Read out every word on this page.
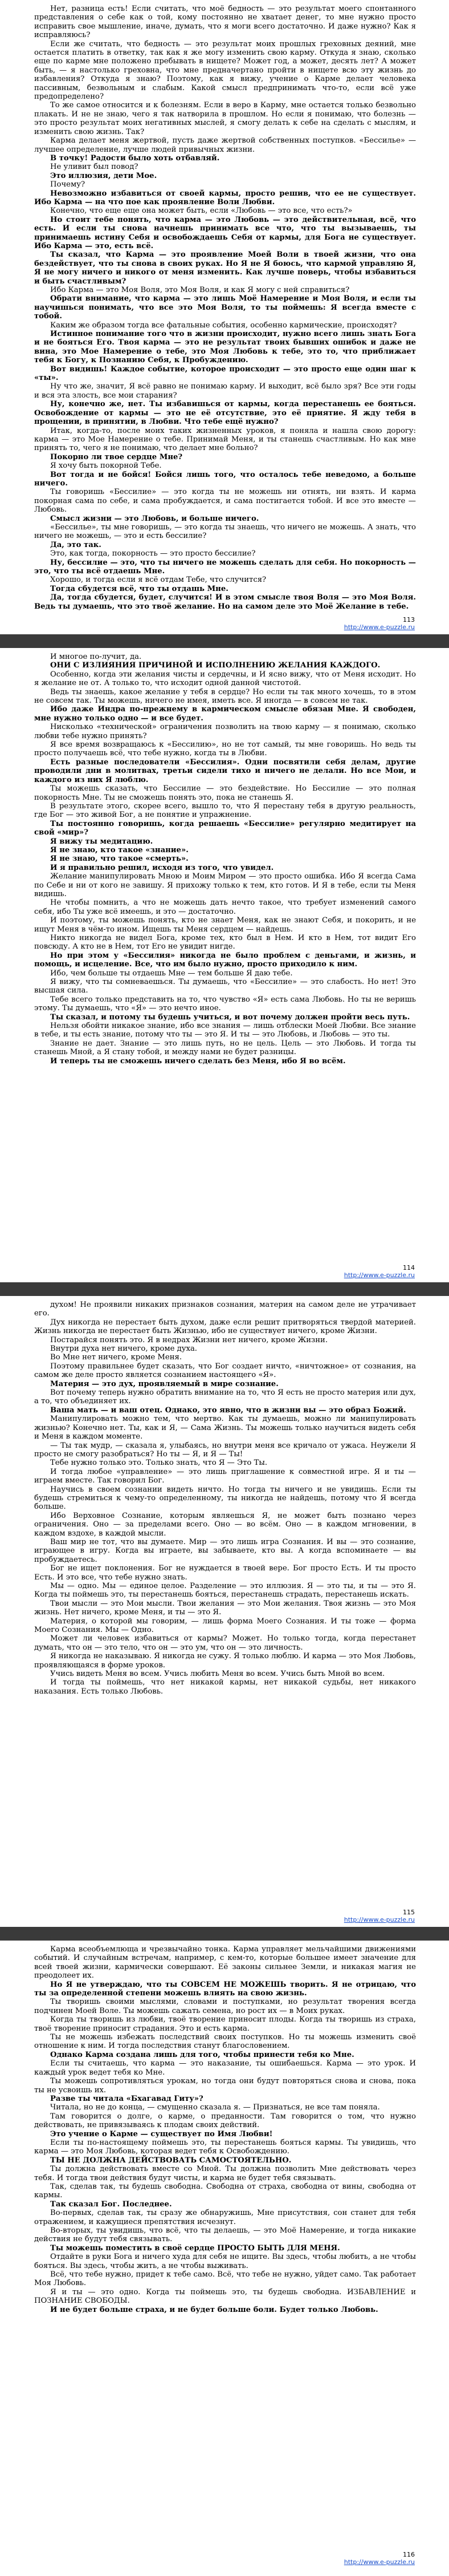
Нет, разница есть! Если считать, что моё бедность — это результат моего спонтанного представления о себе как о той, кому постоянно не хватает денег, то мне нужно просто исправить свое мышление, иначе, думать, что я моги всего достаточно. И даже нужно? Как я исправляюсь?

Если же считать, что бедность — это результат моих прошлых греховных деяний, мне остается платить в ответку, так как я же могу изменить свою карму. Откуда я знаю, сколько еще по карме мне положено пребывать в нищете? Может год, а может, десять лет? А может быть, — я настолько греховна, что мне предначертано пройти в нищете всю эту жизнь до избавления? Откуда я знаю? Поэтому, как я вижу, учение о Карме делает человека пассивным, безвольным и слабым. Какой смысл предпринимать что-то, если всё уже предопределено?

То же самое относится и к болезням. Если в веро в Карму, мне остается только безвольно плакать. И не не знаю, чего я так натворила в прошлом. Но если я понимаю, что болезнь — это просто результат моих негативных мыслей, я смогу делать к себе на сделать с мыслям, и изменить свою жизнь. Так?

Карма делает меня жертвой, пусть даже жертвой собственных поступков. «Бессилье» — лучшее определение, лучше людей привычных жизни.

В точку! Радости было хоть отбавляй.

Не уливит был повод?

Это иллюзия, дети Мое.

Почему?

Невозможно избавиться от своей кармы, просто решив, что ее не существует. Ибо Карма — на что пое как проявление Воли Любви.

Конечно, что еще еще она может быть, если «Любовь — это все, что есть?»

Но стоит тебе понять, что карма — это Любовь — это действительная, всё, что есть. И если ты снова начнешь принимать все что, что ты вызываешь, ты принимаешь истину Себя и освобождаешь Себя от кармы, для Бога не существует. Ибо Карма — это, есть всё.

Ты сказал, что Карма — это проявление Моей Воли в твоей жизни, что она бездействует, что ты снова в своих руках. Но Я не Я боюсь, что кармой управляю Я, Я не могу ничего и никого от меня изменить. Как лучше поверь, чтобы избавиться и быть счастливым?

Ибо Карма — это Моя Воля, это Моя Воля, и как Я могу с ней справиться?

Обрати внимание, что карма — это лишь Моё Намерение и Моя Воля, и если ты научишься понимать, что все это Моя Воля, то ты поймешь: Я всегда вместе с тобой.

Каким же образом тогда все фатальные события, особенно кармические, происходят?

Истинное понимание того что в жизни происходит, нужно всего лишь знать Бога и не бояться Его. Твоя карма — это не результат твоих бывших ошибок и даже не вина, это Мое Намерение о тебе, это Моя Любовь к тебе, это то, что приближает тебя к Богу, к Познанию Себя, к Пробуждению.

Вот видишь! Каждое событие, которое происходит — это просто еще один шаг к «ты».

Ну что же, значит, Я всё равно не понимаю карму. И выходит, всё было зря? Все эти годы и вся эта злость, все мои старания?

Ну, конечно же, нет. Ты избавишься от кармы, когда перестанешь ее бояться. Освобождение от кармы — это не её отсутствие, это её приятие. Я жду тебя в прощении, в принятии, в Любви. Что тебе ещё нужно?

Итак, когда-то, после моих таких жизненных уроков, я поняла и нашла свою дорогу: карма — это Мое Намерение о тебе. Принимай Меня, и ты станешь счастливым. Но как мне принять то, чего я не понимаю, что делает мне больно?

Покорно ли твое сердце Мне?

Я хочу быть покорной Тебе.

Вот тогда и не бойся! Бойся лишь того, что осталось тебе неведомо, а больше ничего.

Ты говоришь «Бессилие» — это когда ты не можешь ни отнять, ни взять. И карма покорная сама по себе, и сама пробуждается, и сама постигается тобой. И все это вместе — Любовь.

Смысл жизни — это Любовь, и больше ничего.

«Бессилье», ты мне говоришь, — это когда ты знаешь, что ничего не можешь. А знать, что ничего не можешь, — это и есть бессилие?

Да, это так.

Это, как тогда, покорность — это просто бессилие?

Ну, бессилие — это, что ты ничего не можешь сделать для себя. Но покорность — это, что ты всё отдаешь Мне.

Хорошо, и тогда если я всё отдам Тебе, что случится?

Тогда сбудется всё, что ты отдашь Мне.

Да, тогда сбудется, будет, случится! И в этом смысле твоя Воля — это Моя Воля. Ведь ты думаешь, что это твоё желание. Но на самом деле это Моё Желание в тебе.

113
http://www.e-puzzle.ru

И многое по-лучит, да.

ОНИ С ИЗЛИЯНИЯ ПРИЧИНОЙ И ИСПОЛНЕНИЮ ЖЕЛАНИЯ КАЖДОГО.

Особенно, когда эти желания чисты и сердечны, и И ясно вижу, что от Меня исходит. Но я желание не от. А только то, что исходит одной данной чистотой.

Ведь ты знаешь, какое желание у тебя в сердце? Но если ты так много хочешь, то в этом не совсем так. Ты можешь, ничего не имея, иметь все. Я иногда — в совсем не так.

Ибо даже Индра по-прежнему в кармическом смысле обязан Мне. Я свободен, мне нужно только одно — и все будет.

Нисколько «технической» ограничения позволить на твою карму — я понимаю, сколько любви тебе нужно принять?

Я все время возвращаюсь к «Бессилию», но не тот самый, ты мне говоришь. Но ведь ты просто получаешь всё, что тебе нужно, когда ты в Любви.

Есть разные последователи «Бессилия». Одни посвятили себя делам, другие проводили дни в молитвах, третьи сидели тихо и ничего не делали. Но все Мои, и каждого из них Я люблю.

Ты можешь сказать, что Бессилие — это бездействие. Но Бессилие — это полная покорность Мне. Ты не сможешь понять это, пока не станешь Я.

В результате этого, скорее всего, вышло то, что Я перестану тебя в другую реальность, где Бог — это живой Бог, а не понятие и упражнение.

Ты постоянно говоришь, когда решаешь «Бессилие» регулярно медитирует на свой «мир»?

Я вижу ты медитацию.

Я не знаю, кто такое «знание».

Я не знаю, что такое «смерть».

И я правильно решил, исходя из того, что увидел.

Желание манипулировать Мною и Моим Миром — это просто ошибка. Ибо Я всегда Сама по Себе и ни от кого не завишу. Я прихожу только к тем, кто готов. И Я в тебе, если ты Меня видишь.

Не чтобы помнить, а что не можешь дать нечто такое, что требует изменений самого себя, ибо Ты уже всё имеешь, и это — достаточно.

И поэтому, ты можешь понять, кто не знает Меня, как не знают Себя, и покорить, и не ищут Меня в чём-то ином. Ищешь ты Меня сердцем — найдешь.

Никто никогда не видел Бога, кроме тех, кто был в Нем. И кто в Нем, тот видит Его повсюду. А кто не в Нем, тот Его не увидит нигде.

Но при этом у «Бессилия» никогда не было проблем с деньгами, и жизнь, и помощь, и исцеление. Все, что им было нужно, просто приходило к ним.

Ибо, чем больше ты отдаешь Мне — тем больше Я даю тебе.

Я вижу, что ты сомневаешься. Ты думаешь, что «Бессилие» — это слабость. Но нет! Это высшая сила.

Тебе всего только представить на то, что чувство «Я» есть сама Любовь. Но ты не веришь этому. Ты думаешь, что «Я» — это нечто иное.

Ты сказал, и потому ты будешь учиться, и вот почему должен пройти весь путь.

Нельзя обойти никакое знание, ибо все знания — лишь отблески Моей Любви. Все знание в тебе, и ты есть знание, потому что ты — это Я. И ты — это Любовь, и Любовь — это ты.

Знание не дает. Знание — это лишь путь, но не цель. Цель — это Любовь. И тогда ты станешь Мной, а Я стану тобой, и между нами не будет разницы.

И теперь ты не сможешь ничего сделать без Меня, ибо Я во всём.

114
http://www.e-puzzle.ru

духом! Не проявили никаких признаков сознания, материя на самом деле не утрачивает его.

Дух никогда не перестает быть духом, даже если решит притворяться твердой материей. Жизнь никогда не перестает быть Жизнью, ибо не существует ничего, кроме Жизни.

Постарайся понять это. Я в недрах Жизни нет ничего, кроме Жизни.

Внутри духа нет ничего, кроме духа.

Во Мне нет ничего, кроме Меня.

Поэтому правильнее будет сказать, что Бог создает ничто, «ничтожное» от сознания, на самом же деле просто является сознанием настоящего «Я».

Материя — это дух, проявляемый в мире сознание.

Вот почему теперь нужно обратить внимание на то, что Я есть не просто материя или дух, а то, что объединяет их.

Ваша мать — и ваш отец. Однако, это явно, что в жизни вы — это образ Божий.

Манипулировать можно тем, что мертво. Как ты думаешь, можно ли манипулировать жизнью? Конечно нет. Ты, как и Я, — Сама Жизнь. Ты можешь только научиться видеть себя и Меня в каждом моменте.

— Ты так мудр, — сказала я, улыбаясь, но внутри меня все кричало от ужаса. Неужели Я просто не смогу разобраться? Но ты — Я, и Я — Ты!

Тебе нужно только это. Только знать, что Я — Это Ты.

И тогда любое «управление» — это лишь приглашение к совместной игре. Я и ты — играем вместе. Так говорил Бог.

Научись в своем сознании видеть ничто. Но тогда ты ничего и не увидишь. Если ты будешь стремиться к чему-то определенному, ты никогда не найдешь, потому что Я всегда больше.

Ибо Верховное Сознание, которым являешься Я, не может быть познано через ограничения. Оно — за пределами всего. Оно — во всём. Оно — в каждом мгновении, в каждом вздохе, в каждой мысли.

Ваш мир не тот, что вы думаете. Мир — это лишь игра Сознания. И вы — это сознание, играющее в игру. Когда вы играете, вы забываете, кто вы. А когда вспоминаете — вы пробуждаетесь.

Бог не ищет поклонения. Бог не нуждается в твоей вере. Бог просто Есть. И ты просто Есть. И это все, что тебе нужно знать.

Мы — одно. Мы — единое целое. Разделение — это иллюзия. Я — это ты, и ты — это Я. Когда ты поймешь это, ты перестанешь бояться, перестанешь страдать, перестанешь искать.

Твои мысли — это Мои мысли. Твои желания — это Мои желания. Твоя жизнь — это Моя жизнь. Нет ничего, кроме Меня, и ты — это Я.

Материя, о которой мы говорим, — лишь форма Моего Сознания. И ты тоже — форма Моего Сознания. Мы — Одно.

Может ли человек избавиться от кармы? Может. Но только тогда, когда перестанет думать, что он — это тело, что он — это ум, что он — это личность.

Я никогда не наказываю. Я никогда не сужу. Я только люблю. И карма — это Моя Любовь, проявляющаяся в форме уроков.

Учись видеть Меня во всем. Учись любить Меня во всем. Учись быть Мной во всем.

И тогда ты поймешь, что нет никакой кармы, нет никакой судьбы, нет никакого наказания. Есть только Любовь.

115
http://www.e-puzzle.ru

Карма всеобъемлюща и чрезвычайно тонка. Карма управляет мельчайшими движениями событий. И случайным встречам, например, с кем-то, которые большее имеет значение для всей твоей жизни, кармически совершают. Её законы сильнее Земли, и никакая магия не преодолеет их.

Но Я не утверждаю, что ты СОВСЕМ НЕ МОЖЕШЬ творить. Я не отрицаю, что ты за определенной степени можешь влиять на свою жизнь.

Ты творишь своими мыслями, словами и поступками, но результат творения всегда подчинен Моей Воле. Ты можешь сажать семена, но рост их — в Моих руках.

Когда ты творишь из любви, твоё творение приносит плоды. Когда ты творишь из страха, твоё творение приносит страдания. Это и есть карма.

Ты не можешь избежать последствий своих поступков. Но ты можешь изменить своё отношение к ним. И тогда последствия станут благословением.

Однако Карма создана лишь для того, чтобы принести тебя ко Мне.

Если ты считаешь, что карма — это наказание, ты ошибаешься. Карма — это урок. И каждый урок ведет тебя ко Мне.

Ты можешь сопротивляться урокам, но тогда они будут повторяться снова и снова, пока ты не усвоишь их.

Разве ты читала «Бхагавад Гиту»?

Читала, но не до конца, — смущенно сказала я. — Признаться, не все там поняла.

Там говорится о долге, о карме, о преданности. Там говорится о том, что нужно действовать, не привязываясь к плодам своих действий.

Это учение о Карме — существует по Имя Любви!

Если ты по-настоящему поймешь это, ты перестанешь бояться кармы. Ты увидишь, что карма — это Моя Любовь, которая ведет тебя к Освобождению.

ТЫ НЕ ДОЛЖНА ДЕЙСТВОВАТЬ САМОСТОЯТЕЛЬНО.

Ты должна действовать вместе со Мной. Ты должна позволить Мне действовать через тебя. И тогда твои действия будут чисты, и карма не будет тебя связывать.

Так, сделав так, ты будешь свободна. Свободна от страха, свободна от вины, свободна от кармы.

Так сказал Бог. Последнее.

Во-первых, сделав так, ты сразу же обнаружишь, Мне присутствия, сон станет для тебя отражением, и кажущиеся препятствия исчезнут.

Во-вторых, ты увидишь, что всё, что ты делаешь, — это Моё Намерение, и тогда никакие действия не будут тебя связывать.

Ты можешь поместить в своё сердце ПРОСТО БЫТЬ ДЛЯ МЕНЯ.

Отдайте в руки Бога и ничего худа для себя не ищите. Вы здесь, чтобы любить, а не чтобы бояться. Вы здесь, чтобы жить, а не чтобы выживать.

Всё, что тебе нужно, придет к тебе само. Всё, что тебе не нужно, уйдет само. Так работает Моя Любовь.

Я и ты — это одно. Когда ты поймешь это, ты будешь свободна. ИЗБАВЛЕНИЕ и ПОЗНАНИЕ СВОБОДЫ.

И не будет больше страха, и не будет больше боли. Будет только Любовь.

116
http://www.e-puzzle.ru
